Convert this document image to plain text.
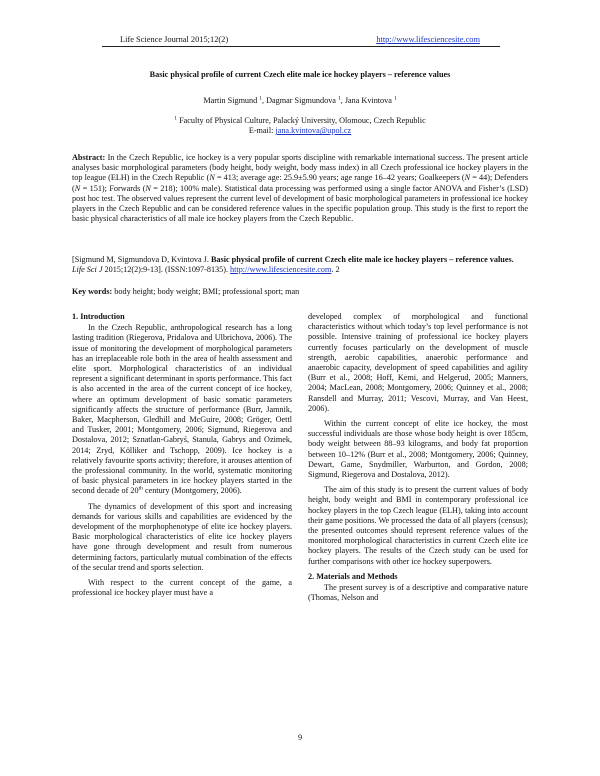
Life Science Journal 2015;12(2)	http://www.lifesciencesite.com
Basic physical profile of current Czech elite male ice hockey players – reference values
Martin Sigmund $^1$, Dagmar Sigmundova $^1$, Jana Kvintova $^1$
$^1$ Faculty of Physical Culture, Palacký University, Olomouc, Czech Republic
E-mail: jana.kvintova@upol.cz
Abstract: In the Czech Republic, ice hockey is a very popular sports discipline with remarkable international success. The present article analyses basic morphological parameters (body height, body weight, body mass index) in all Czech professional ice hockey players in the top league (ELH) in the Czech Republic (N = 413; average age: 25.9±5.90 years; age range 16–42 years; Goalkeepers (N = 44); Defenders (N = 151); Forwards (N = 218); 100% male). Statistical data processing was performed using a single factor ANOVA and Fisher’s (LSD) post hoc test. The observed values represent the current level of development of basic morphological parameters in professional ice hockey players in the Czech Republic and can be considered reference values in the specific population group. This study is the first to report the basic physical characteristics of all male ice hockey players from the Czech Republic.
[Sigmund M, Sigmundova D, Kvintova J. Basic physical profile of current Czech elite male ice hockey players – reference values. Life Sci J 2015;12(2):9-13]. (ISSN:1097-8135). http://www.lifesciencesite.com. 2
Key words: body height; body weight; BMI; professional sport; man
1. Introduction

In the Czech Republic, anthropological research has a long lasting tradition (Riegerova, Pridalova and Ulbrichova, 2006). The issue of monitoring the development of morphological parameters has an irreplaceable role both in the area of health assessment and elite sport. Morphological characteristics of an individual represent a significant determinant in sports performance. This fact is also accented in the area of the current concept of ice hockey, where an optimum development of basic somatic parameters significantly affects the structure of performance (Burr, Jamnik, Baker, Macpherson, Gledhill and McGuire, 2008; Gröger, Oettl and Tusker, 2001; Montgomery, 2006; Sigmund, Riegerova and Dostalova, 2012; Sznatlan-Gabryś, Stanula, Gabrys and Ozimek, 2014; Zryd, Kölliker and Tschopp, 2009). Ice hockey is a relatively favourite sports activity; therefore, it arouses attention of the professional community. In the world, systematic monitoring of basic physical parameters in ice hockey players started in the second decade of 20th century (Montgomery, 2006).

The dynamics of development of this sport and increasing demands for various skills and capabilities are evidenced by the development of the morphophenotype of elite ice hockey players. Basic morphological characteristics of elite ice hockey players have gone through development and result from numerous determining factors, particularly mutual combination of the effects of the secular trend and sports selection.

With respect to the current concept of the game, a professional ice hockey player must have a

developed complex of morphological and functional characteristics without which today’s top level performance is not possible. Intensive training of professional ice hockey players currently focuses particularly on the development of muscle strength, aerobic capabilities, anaerobic performance and anaerobic capacity, development of speed capabilities and agility (Burr et al., 2008; Hoff, Kemi, and Helgerud, 2005; Manners, 2004; MacLean, 2008; Montgomery, 2006; Quinney et al., 2008; Ransdell and Murray, 2011; Vescovi, Murray, and Van Heest, 2006).

Within the current concept of elite ice hockey, the most successful individuals are those whose body height is over 185cm, body weight between 88–93 kilograms, and body fat proportion between 10–12% (Burr et al., 2008; Montgomery, 2006; Quinney, Dewart, Game, Snydmiller, Warburton, and Gordon, 2008; Sigmund, Riegerova and Dostalova, 2012).

The aim of this study is to present the current values of body height, body weight and BMI in contemporary professional ice hockey players in the top Czech league (ELH), taking into account their game positions. We processed the data of all players (census); the presented outcomes should represent reference values of the monitored morphological characteristics in current Czech elite ice hockey players. The results of the Czech study can be used for further comparisons with other ice hockey superpowers.

2. Materials and Methods

The present survey is of a descriptive and comparative nature (Thomas, Nelson and

9
